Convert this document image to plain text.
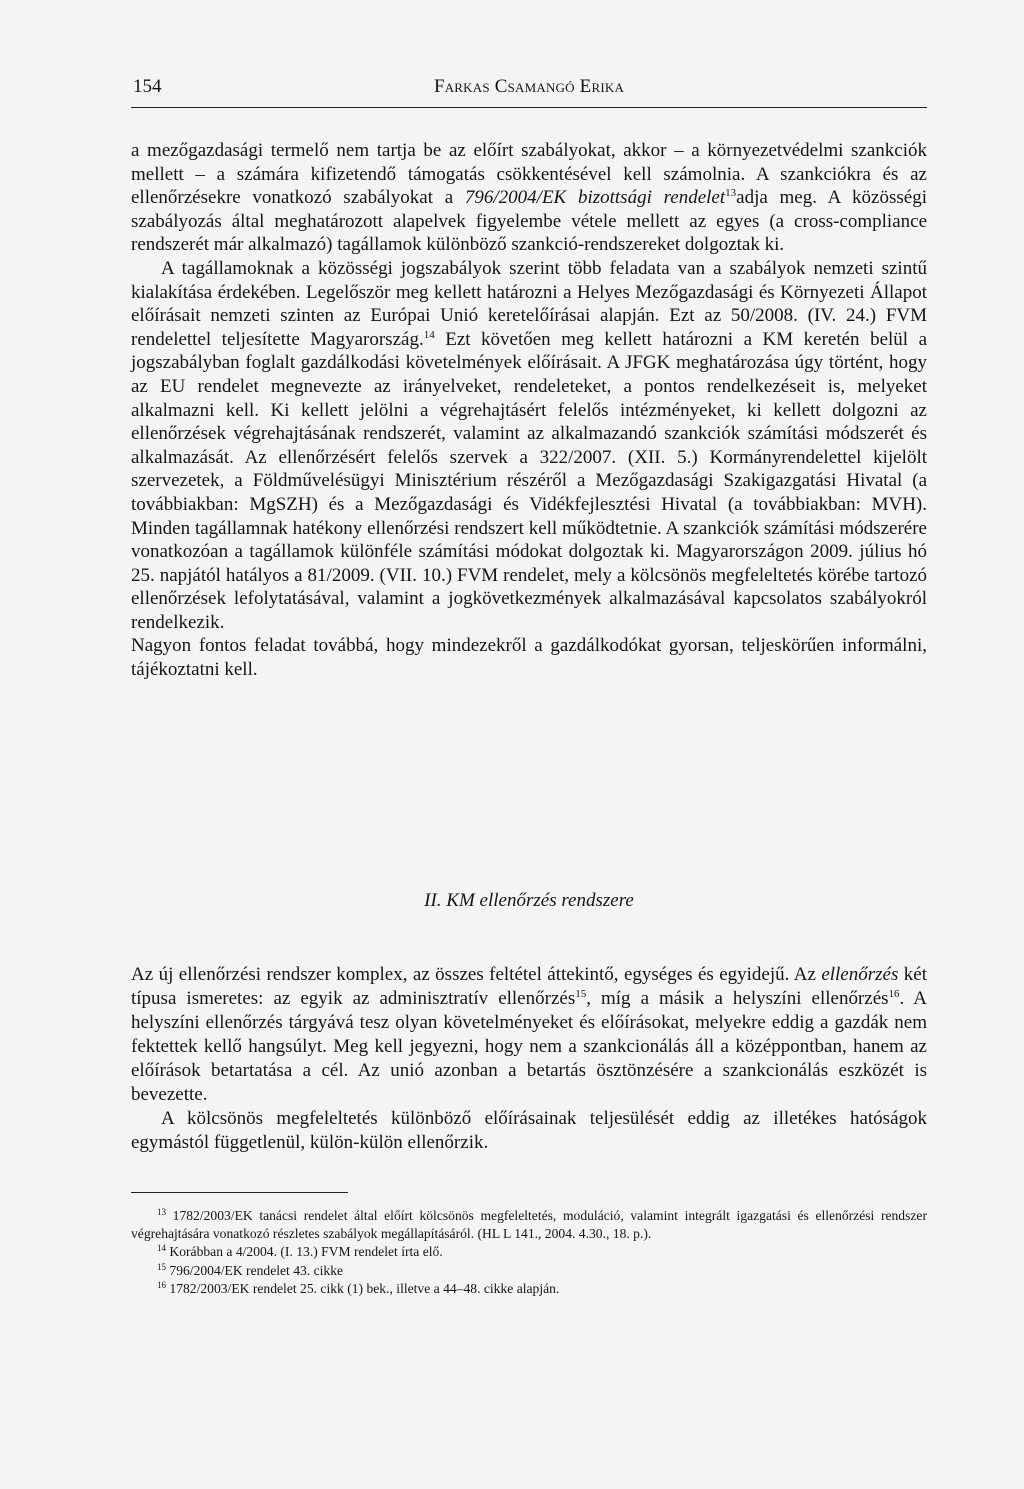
154	Farkas Csamangó Erika

a mezőgazdasági termelő nem tartja be az előírt szabályokat, akkor – a környezetvédelmi szankciók mellett – a számára kifizetendő támogatás csökkentésével kell számolnia. A szankciókra és az ellenőrzésekre vonatkozó szabályokat a 796/2004/EK bizottsági rendelet$^{13}$adja meg. A közösségi szabályozás által meghatározott alapelvek figyelembe vétele mellett az egyes (a cross-compliance rendszerét már alkalmazó) tagállamok különböző szankció-rendszereket dolgoztak ki.

A tagállamoknak a közösségi jogszabályok szerint több feladata van a szabályok nemzeti szintű kialakítása érdekében. Legelőször meg kellett határozni a Helyes Mezőgazdasági és Környezeti Állapot előírásait nemzeti szinten az Európai Unió keretelőírásai alapján. Ezt az 50/2008. (IV. 24.) FVM rendelettel teljesítette Magyarország.$^{14}$ Ezt követően meg kellett határozni a KM keretén belül a jogszabályban foglalt gazdálkodási követelmények előírásait. A JFGK meghatározása úgy történt, hogy az EU rendelet megnevezte az irányelveket, rendeleteket, a pontos rendelkezéseit is, melyeket alkalmazni kell. Ki kellett jelölni a végrehajtásért felelős intézményeket, ki kellett dolgozni az ellenőrzések végrehajtásának rendszerét, valamint az alkalmazandó szankciók számítási módszerét és alkalmazását. Az ellenőrzésért felelős szervek a 322/2007. (XII. 5.) Kormányrendelettel kijelölt szervezetek, a Földművelésügyi Minisztérium részéről a Mezőgazdasági Szakigazgatási Hivatal (a továbbiakban: MgSZH) és a Mezőgazdasági és Vidékfejlesztési Hivatal (a továbbiakban: MVH). Minden tagállamnak hatékony ellenőrzési rendszert kell működtetnie. A szankciók számítási módszerére vonatkozóan a tagállamok különféle számítási módokat dolgoztak ki. Magyarországon 2009. július hó 25. napjától hatályos a 81/2009. (VII. 10.) FVM rendelet, mely a kölcsönös megfeleltetés körébe tartozó ellenőrzések lefolytatásával, valamint a jogkövetkezmények alkalmazásával kapcsolatos szabályokról rendelkezik.

Nagyon fontos feladat továbbá, hogy mindezekről a gazdálkodókat gyorsan, teljeskörűen informálni, tájékoztatni kell.

II. KM ellenőrzés rendszere

Az új ellenőrzési rendszer komplex, az összes feltétel áttekintő, egységes és egyidejű. Az ellenőrzés két típusa ismeretes: az egyik az adminisztratív ellenőrzés$^{15}$, míg a másik a helyszíni ellenőrzés$^{16}$. A helyszíni ellenőrzés tárgyává tesz olyan követelményeket és előírásokat, melyekre eddig a gazdák nem fektettek kellő hangsúlyt. Meg kell jegyezni, hogy nem a szankcionálás áll a középpontban, hanem az előírások betartatása a cél. Az unió azonban a betartás ösztönzésére a szankcionálás eszközét is bevezette.

A kölcsönös megfeleltetés különböző előírásainak teljesülését eddig az illetékes hatóságok egymástól függetlenül, külön-külön ellenőrzik.

$^{13}$ 1782/2003/EK tanácsi rendelet által előírt kölcsönös megfeleltetés, moduláció, valamint integrált igazgatási és ellenőrzési rendszer végrehajtására vonatkozó részletes szabályok megállapításáról. (HL L 141., 2004. 4.30., 18. p.).

$^{14}$ Korábban a 4/2004. (I. 13.) FVM rendelet írta elő.

$^{15}$ 796/2004/EK rendelet 43. cikke

$^{16}$ 1782/2003/EK rendelet 25. cikk (1) bek., illetve a 44–48. cikke alapján.
